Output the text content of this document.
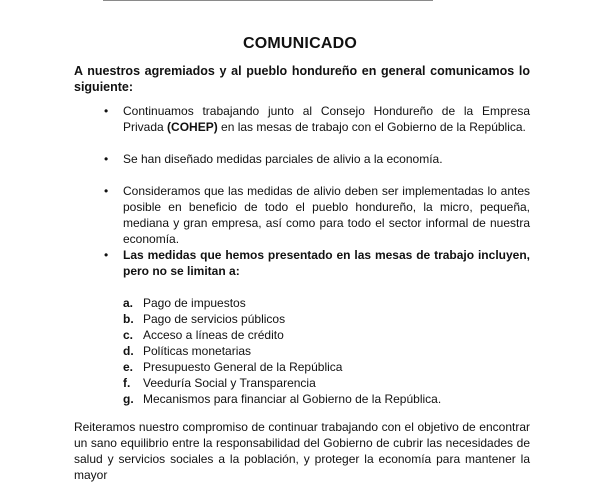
COMUNICADO
A nuestros agremiados y al pueblo hondureño en general comunicamos lo siguiente:
• Continuamos trabajando junto al Consejo Hondureño de la Empresa Privada (COHEP) en las mesas de trabajo con el Gobierno de la República.
• Se han diseñado medidas parciales de alivio a la economía.
• Consideramos que las medidas de alivio deben ser implementadas lo antes posible en beneficio de todo el pueblo hondureño, la micro, pequeña, mediana y gran empresa, así como para todo el sector informal de nuestra economía.
• Las medidas que hemos presentado en las mesas de trabajo incluyen, pero no se limitan a:
a. Pago de impuestos
b. Pago de servicios públicos
c. Acceso a líneas de crédito
d. Políticas monetarias
e. Presupuesto General de la República
f. Veeduría Social y Transparencia
g. Mecanismos para financiar al Gobierno de la República.
Reiteramos nuestro compromiso de continuar trabajando con el objetivo de encontrar un sano equilibrio entre la responsabilidad del Gobierno de cubrir las necesidades de salud y servicios sociales a la población, y proteger la economía para mantener la mayor
